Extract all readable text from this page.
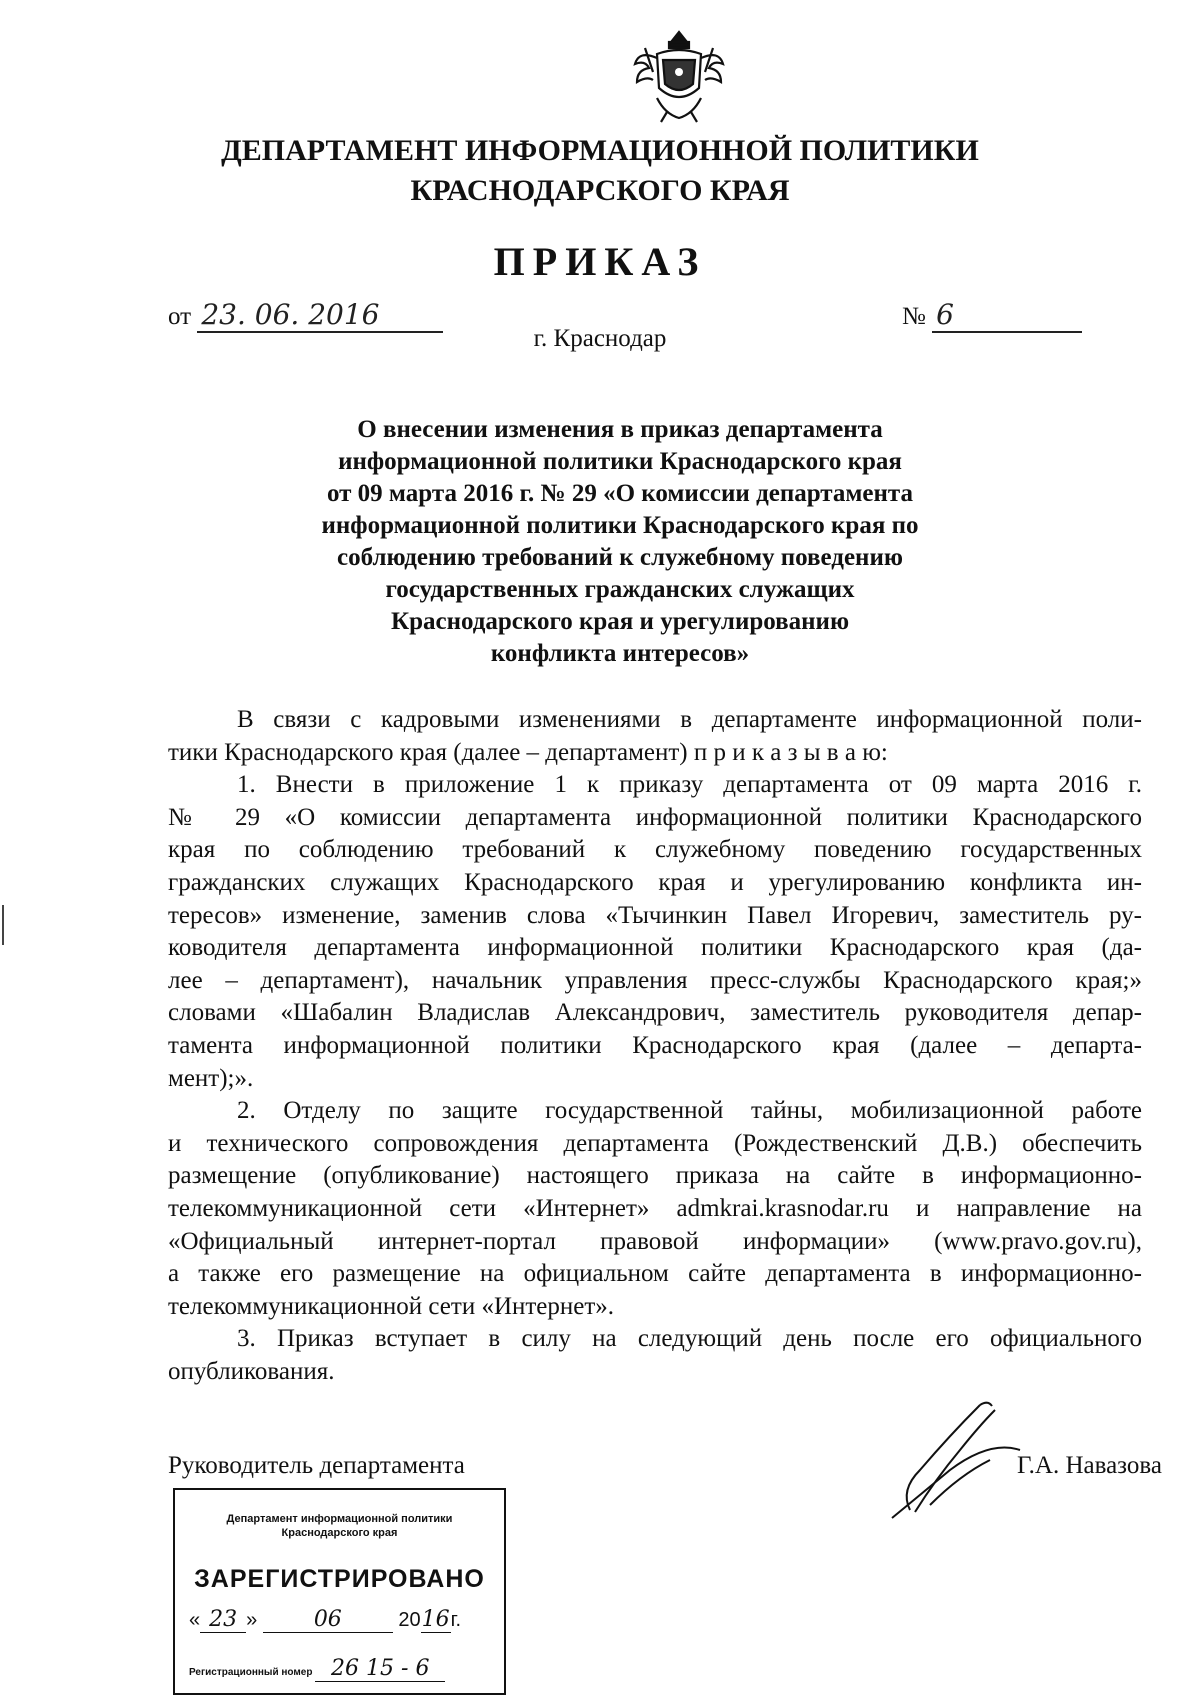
ДЕПАРТАМЕНТ ИНФОРМАЦИОННОЙ ПОЛИТИКИ
КРАСНОДАРСКОГО КРАЯ
ПРИКАЗ
от 23. 06. 2016	№ 6
г. Краснодар
О внесении изменения в приказ департамента
информационной политики Краснодарского края
от 09 марта 2016 г. № 29 «О комиссии департамента
информационной политики Краснодарского края по
соблюдению требований к служебному поведению
государственных гражданских служащих
Краснодарского края и урегулированию
конфликта интересов»
В связи с кадровыми изменениями в департаменте информационной поли-
тики Краснодарского края (далее – департамент) п р и к а з ы в а ю:
1. Внести в приложение 1 к приказу департамента от 09 марта 2016 г.
№ 29 «О комиссии департамента информационной политики Краснодарского
края по соблюдению требований к служебному поведению государственных
гражданских служащих Краснодарского края и урегулированию конфликта ин-
тересов» изменение, заменив слова «Тычинкин Павел Игоревич, заместитель ру-
ководителя департамента информационной политики Краснодарского края (да-
лее – департамент), начальник управления пресс-службы Краснодарского края;»
словами «Шабалин Владислав Александрович, заместитель руководителя депар-
тамента информационной политики Краснодарского края (далее – департа-
мент);».
2. Отделу по защите государственной тайны, мобилизационной работе
и технического сопровождения департамента (Рождественский Д.В.) обеспечить
размещение (опубликование) настоящего приказа на сайте в информационно-
телекоммуникационной сети «Интернет» admkrai.krasnodar.ru и направление на
«Официальный интернет-портал правовой информации» (www.pravo.gov.ru),
а также его размещение на официальном сайте департамента в информационно-
телекоммуникационной сети «Интернет».
3. Приказ вступает в силу на следующий день после его официального
опубликования.
Руководитель департамента	Г.А. Навазова
Департамент информационной политики
Краснодарского края
ЗАРЕГИСТРИРОВАНО
« 23 »	06	2016г.
Регистрационный номер 26 15 - 6
